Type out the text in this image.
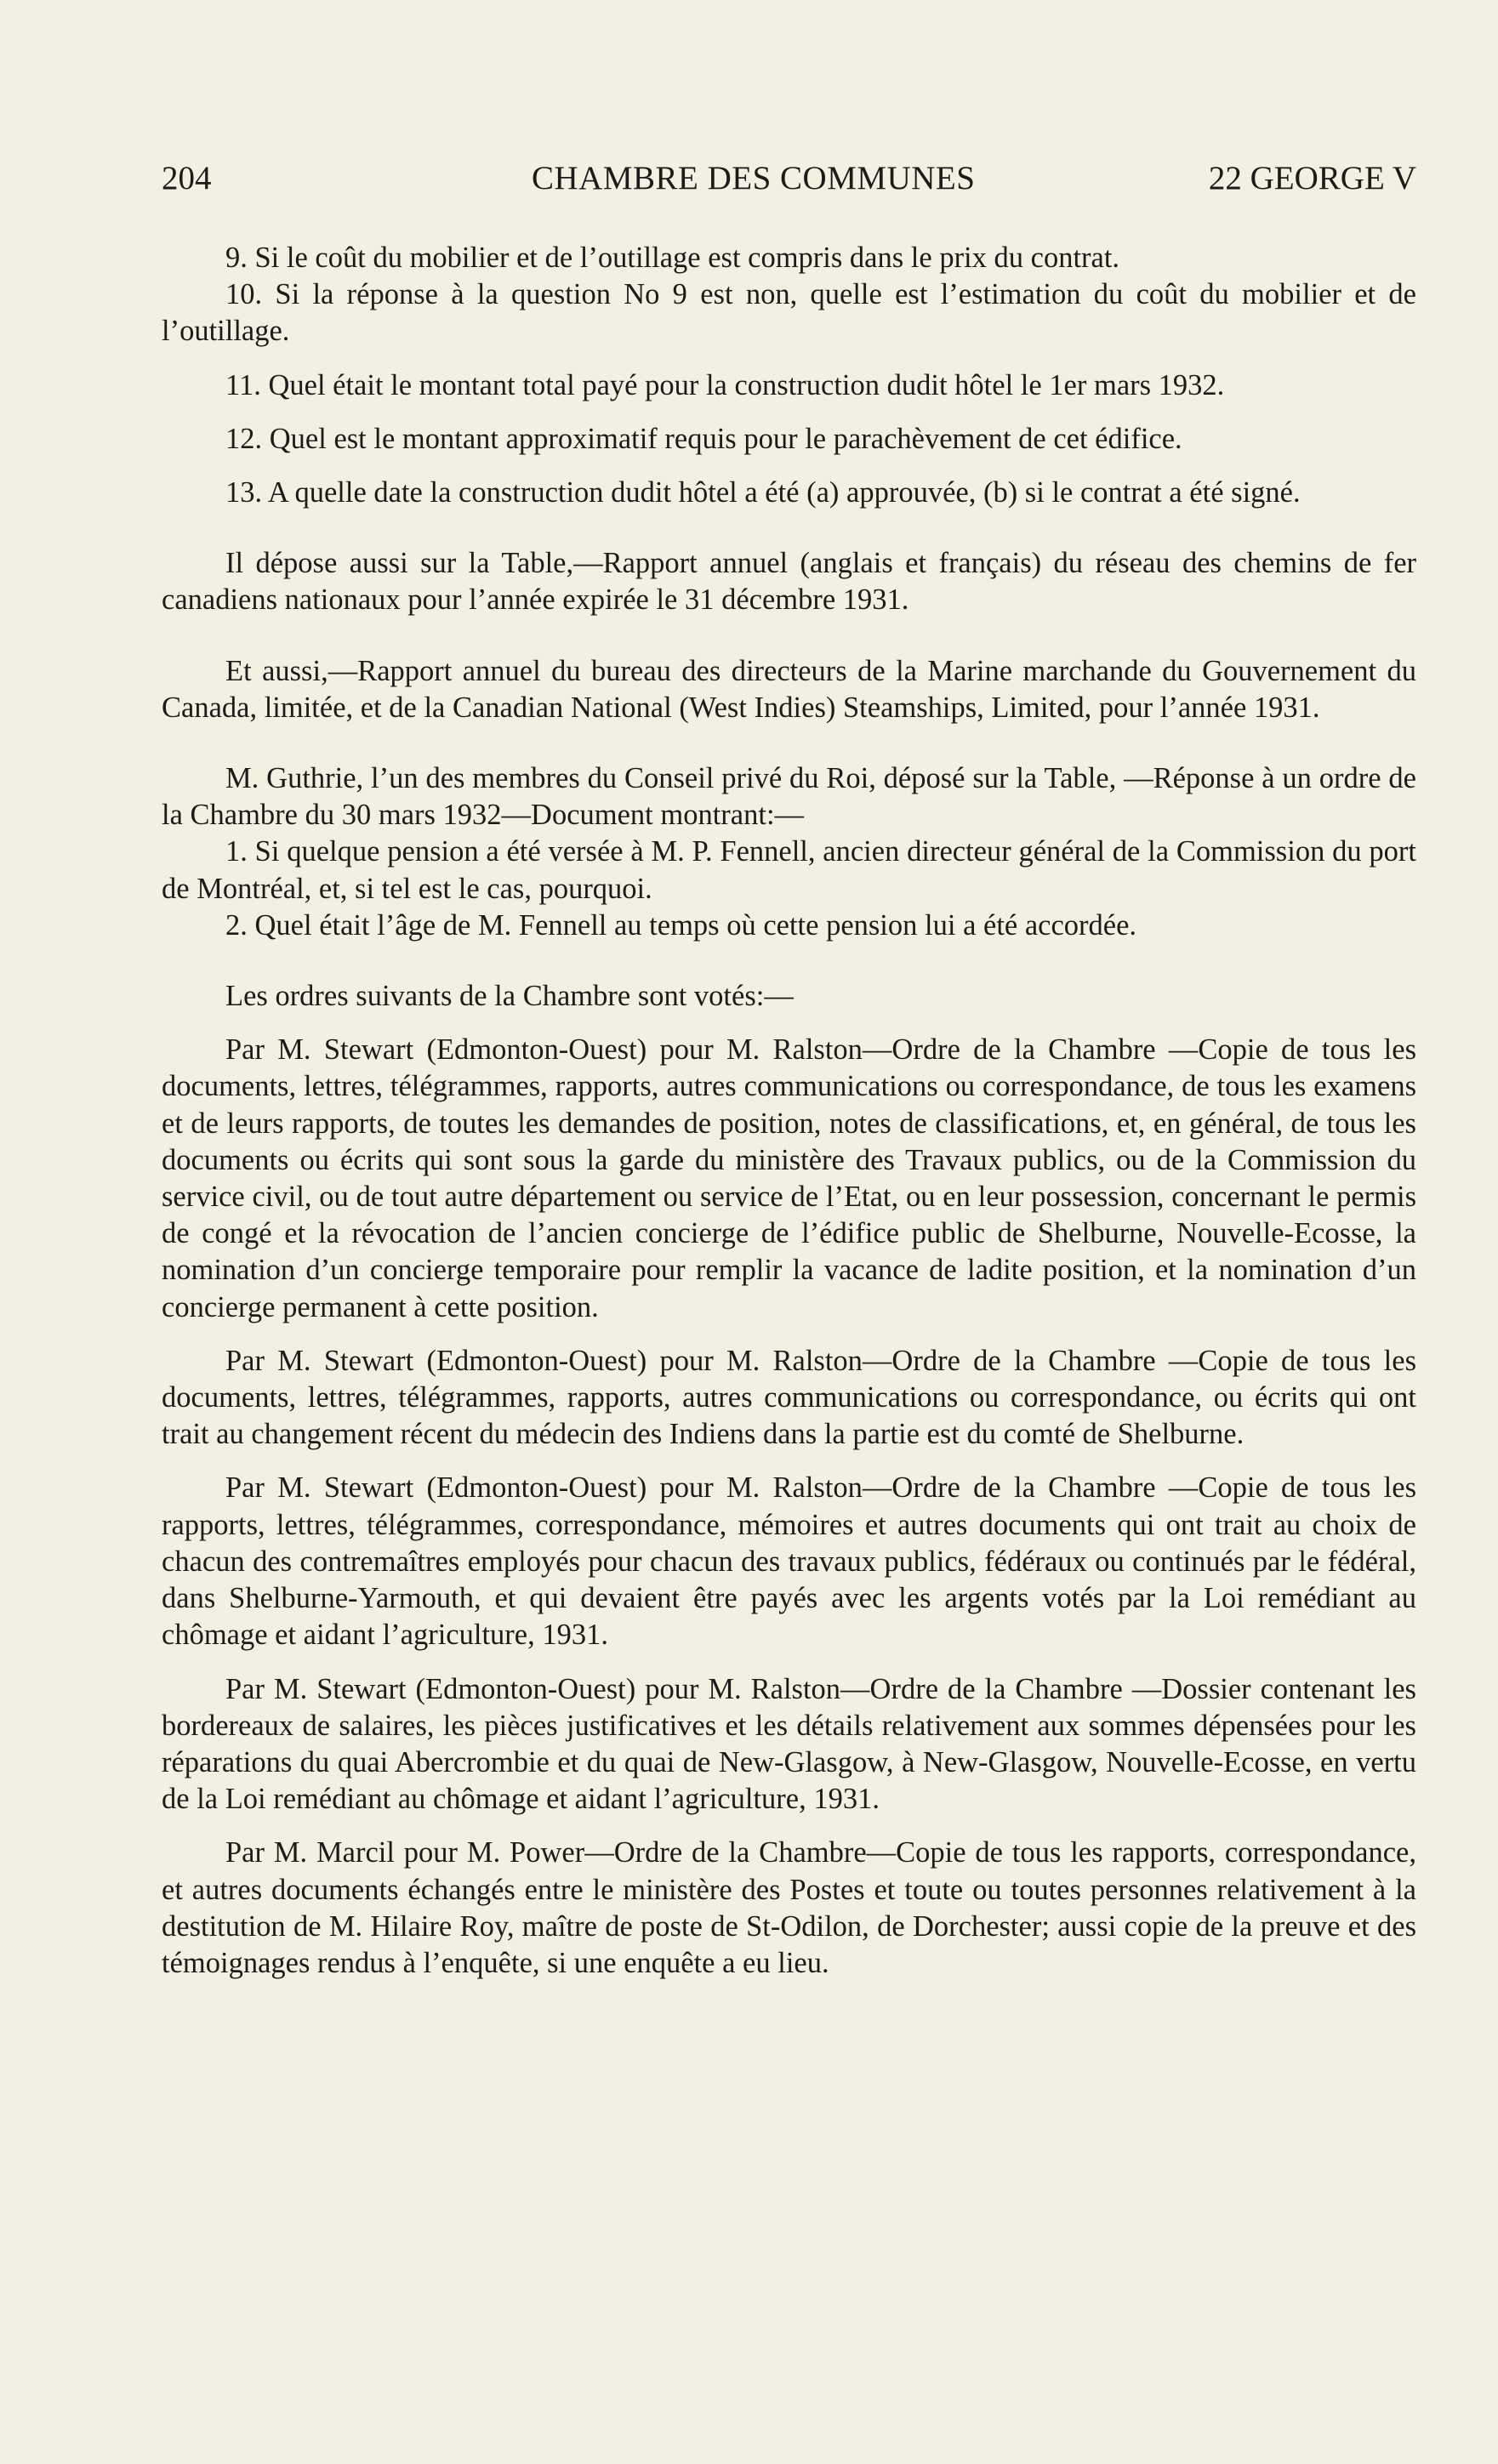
204	CHAMBRE DES COMMUNES	22 GEORGE V

9. Si le coût du mobilier et de l’outillage est compris dans le prix du contrat.

10. Si la réponse à la question No 9 est non, quelle est l’estimation du coût du mobilier et de l’outillage.

11. Quel était le montant total payé pour la construction dudit hôtel le 1er mars 1932.

12. Quel est le montant approximatif requis pour le parachèvement de cet édifice.

13. A quelle date la construction dudit hôtel a été (a) approuvée, (b) si le contrat a été signé.

Il dépose aussi sur la Table,—Rapport annuel (anglais et français) du réseau des chemins de fer canadiens nationaux pour l’année expirée le 31 décembre 1931.

Et aussi,—Rapport annuel du bureau des directeurs de la Marine marchande du Gouvernement du Canada, limitée, et de la Canadian National (West Indies) Steamships, Limited, pour l’année 1931.

M. Guthrie, l’un des membres du Conseil privé du Roi, déposé sur la Table, —Réponse à un ordre de la Chambre du 30 mars 1932—Document montrant:—

1. Si quelque pension a été versée à M. P. Fennell, ancien directeur général de la Commission du port de Montréal, et, si tel est le cas, pourquoi.

2. Quel était l’âge de M. Fennell au temps où cette pension lui a été accordée.

Les ordres suivants de la Chambre sont votés:—

Par M. Stewart (Edmonton-Ouest) pour M. Ralston—Ordre de la Chambre —Copie de tous les documents, lettres, télégrammes, rapports, autres communications ou correspondance, de tous les examens et de leurs rapports, de toutes les demandes de position, notes de classifications, et, en général, de tous les documents ou écrits qui sont sous la garde du ministère des Travaux publics, ou de la Commission du service civil, ou de tout autre département ou service de l’Etat, ou en leur possession, concernant le permis de congé et la révocation de l’ancien concierge de l’édifice public de Shelburne, Nouvelle-Ecosse, la nomination d’un concierge temporaire pour remplir la vacance de ladite position, et la nomination d’un concierge permanent à cette position.

Par M. Stewart (Edmonton-Ouest) pour M. Ralston—Ordre de la Chambre —Copie de tous les documents, lettres, télégrammes, rapports, autres communications ou correspondance, ou écrits qui ont trait au changement récent du médecin des Indiens dans la partie est du comté de Shelburne.

Par M. Stewart (Edmonton-Ouest) pour M. Ralston—Ordre de la Chambre —Copie de tous les rapports, lettres, télégrammes, correspondance, mémoires et autres documents qui ont trait au choix de chacun des contremaîtres employés pour chacun des travaux publics, fédéraux ou continués par le fédéral, dans Shelburne-Yarmouth, et qui devaient être payés avec les argents votés par la Loi remédiant au chômage et aidant l’agriculture, 1931.

Par M. Stewart (Edmonton-Ouest) pour M. Ralston—Ordre de la Chambre —Dossier contenant les bordereaux de salaires, les pièces justificatives et les détails relativement aux sommes dépensées pour les réparations du quai Abercrombie et du quai de New-Glasgow, à New-Glasgow, Nouvelle-Ecosse, en vertu de la Loi remédiant au chômage et aidant l’agriculture, 1931.

Par M. Marcil pour M. Power—Ordre de la Chambre—Copie de tous les rapports, correspondance, et autres documents échangés entre le ministère des Postes et toute ou toutes personnes relativement à la destitution de M. Hilaire Roy, maître de poste de St-Odilon, de Dorchester; aussi copie de la preuve et des témoignages rendus à l’enquête, si une enquête a eu lieu.
